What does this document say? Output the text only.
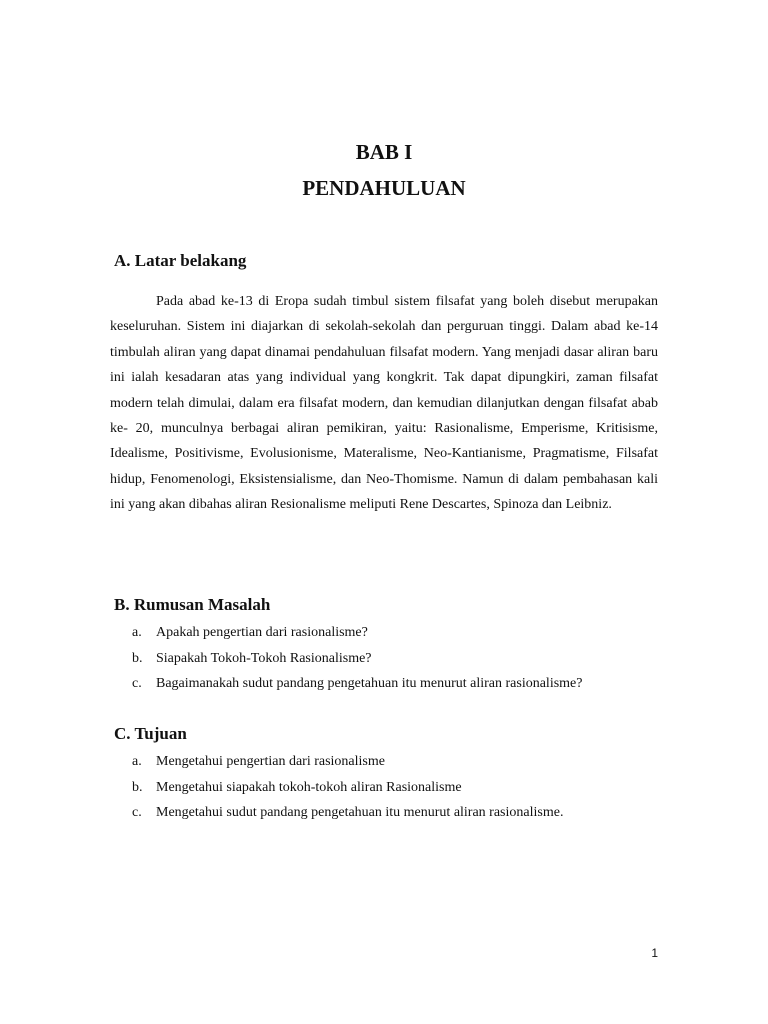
BAB I
PENDAHULUAN
A. Latar belakang

Pada abad ke-13 di Eropa sudah timbul sistem filsafat yang boleh disebut merupakan keseluruhan. Sistem ini diajarkan di sekolah-sekolah dan perguruan tinggi. Dalam abad ke-14 timbulah aliran yang dapat dinamai pendahuluan filsafat modern. Yang menjadi dasar aliran baru ini ialah kesadaran atas yang individual yang kongkrit. Tak dapat dipungkiri, zaman filsafat modern telah dimulai, dalam era filsafat modern, dan kemudian dilanjutkan dengan filsafat abab ke- 20, munculnya berbagai aliran pemikiran, yaitu: Rasionalisme, Emperisme, Kritisisme, Idealisme, Positivisme, Evolusionisme, Materalisme, Neo-Kantianisme, Pragmatisme, Filsafat hidup, Fenomenologi, Eksistensialisme, dan Neo-Thomisme. Namun di dalam pembahasan kali ini yang akan dibahas aliran Resionalisme meliputi Rene Descartes, Spinoza dan Leibniz.

B. Rumusan Masalah
a. Apakah pengertian dari rasionalisme?
b. Siapakah Tokoh-Tokoh Rasionalisme?
c. Bagaimanakah sudut pandang pengetahuan itu menurut aliran rasionalisme?
C. Tujuan
a. Mengetahui pengertian dari rasionalisme
b. Mengetahui siapakah tokoh-tokoh aliran Rasionalisme
c. Mengetahui sudut pandang pengetahuan itu menurut aliran rasionalisme.
1
